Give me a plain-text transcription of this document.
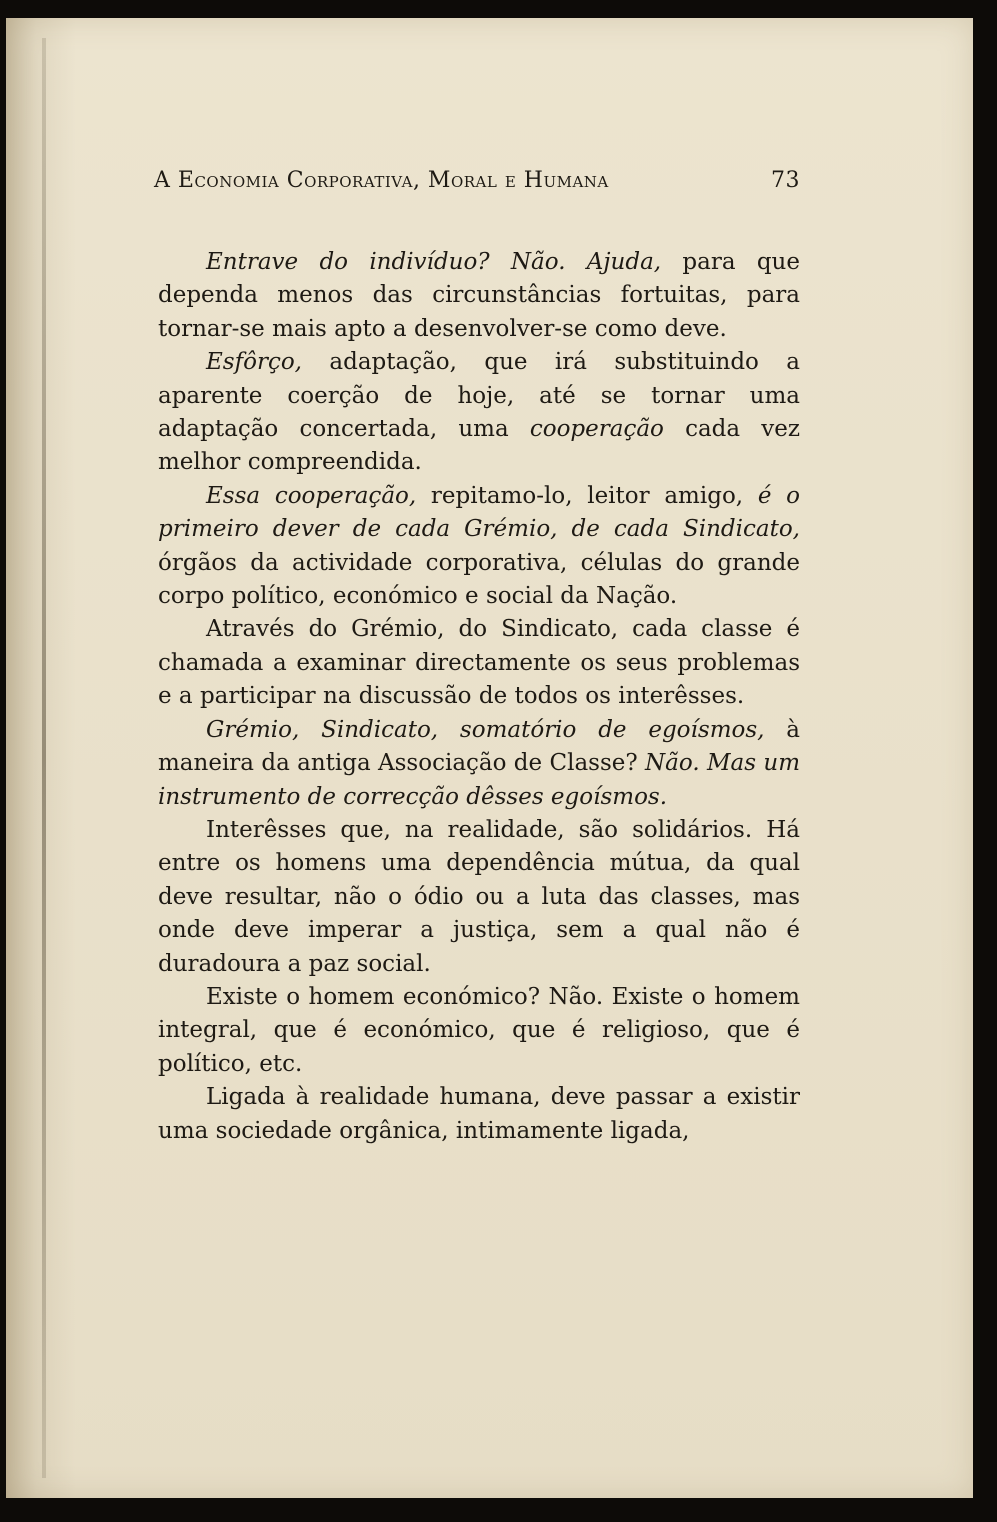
A Economia Corporativa, Moral e Humana	73

Entrave do indivíduo? Não. Ajuda, para que dependa menos das circunstâncias fortuitas, para tornar-se mais apto a desenvolver-se como deve.

Esfôrço, adaptação, que irá substituindo a aparente coerção de hoje, até se tornar uma adaptação concertada, uma cooperação cada vez melhor compreendida.

Essa cooperação, repitamo-lo, leitor amigo, é o primeiro dever de cada Grémio, de cada Sindicato, órgãos da actividade corporativa, células do grande corpo político, económico e social da Nação.

Através do Grémio, do Sindicato, cada classe é chamada a examinar directamente os seus problemas e a participar na discussão de todos os interêsses.

Grémio, Sindicato, somatório de egoísmos, à maneira da antiga Associação de Classe? Não. Mas um instrumento de correcção dêsses egoísmos.

Interêsses que, na realidade, são solidários. Há entre os homens uma dependência mútua, da qual deve resultar, não o ódio ou a luta das classes, mas onde deve imperar a justiça, sem a qual não é duradoura a paz social.

Existe o homem económico? Não. Existe o homem integral, que é económico, que é religioso, que é político, etc.

Ligada à realidade humana, deve passar a existir uma sociedade orgânica, intimamente ligada,
